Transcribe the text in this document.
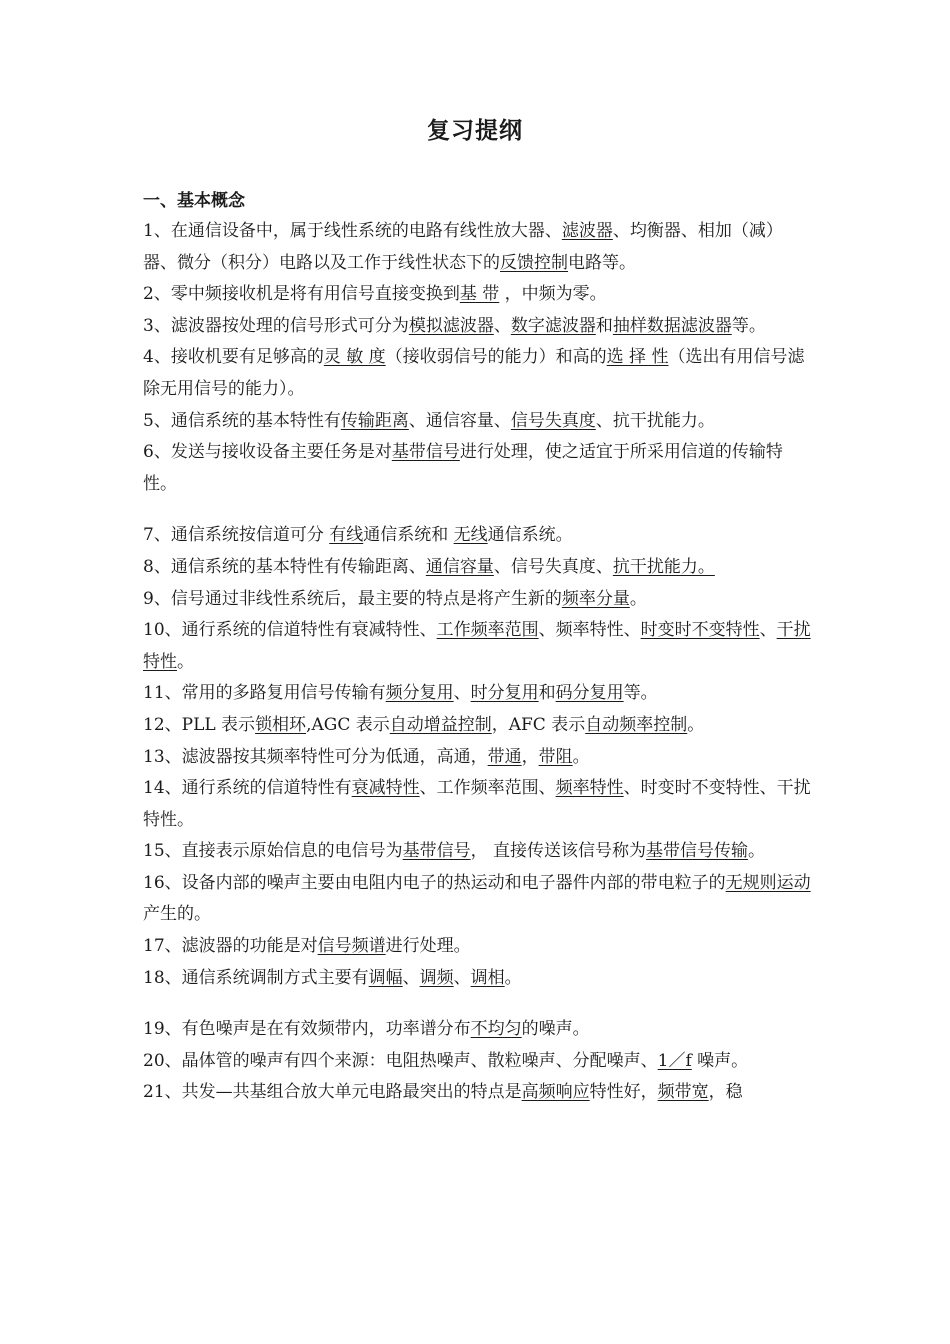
复习提纲
一、基本概念

1、在通信设备中，属于线性系统的电路有线性放大器、滤波器、均衡器、相加（减）器、微分（积分）电路以及工作于线性状态下的反馈控制电路等。

2、零中频接收机是将有用信号直接变换到基 带 ，中频为零。

3、滤波器按处理的信号形式可分为模拟滤波器、数字滤波器和抽样数据滤波器等。

4、接收机要有足够高的灵 敏 度（接收弱信号的能力）和高的选 择 性（选出有用信号滤除无用信号的能力）。

5、通信系统的基本特性有传输距离、通信容量、信号失真度、抗干扰能力。

6、发送与接收设备主要任务是对基带信号进行处理，使之适宜于所采用信道的传输特性。

7、通信系统按信道可分 有线通信系统和 无线通信系统。

8、通信系统的基本特性有传输距离、通信容量、信号失真度、抗干扰能力。

9、信号通过非线性系统后，最主要的特点是将产生新的频率分量。

10、通行系统的信道特性有衰减特性、工作频率范围、频率特性、时变时不变特性、干扰特性。

11、常用的多路复用信号传输有频分复用、时分复用和码分复用等。

12、PLL 表示锁相环,AGC 表示自动增益控制，AFC 表示自动频率控制。

13、滤波器按其频率特性可分为低通，高通，带通，带阻。

14、通行系统的信道特性有衰减特性、工作频率范围、频率特性、时变时不变特性、干扰特性。

15、直接表示原始信息的电信号为基带信号， 直接传送该信号称为基带信号传输。

16、设备内部的噪声主要由电阻内电子的热运动和电子器件内部的带电粒子的无规则运动产生的。

17、滤波器的功能是对信号频谱进行处理。

18、通信系统调制方式主要有调幅、调频、调相。

19、有色噪声是在有效频带内，功率谱分布不均匀的噪声。

20、晶体管的噪声有四个来源：电阻热噪声、散粒噪声、分配噪声、1／f 噪声。

21、共发—共基组合放大单元电路最突出的特点是高频响应特性好，频带宽，稳
